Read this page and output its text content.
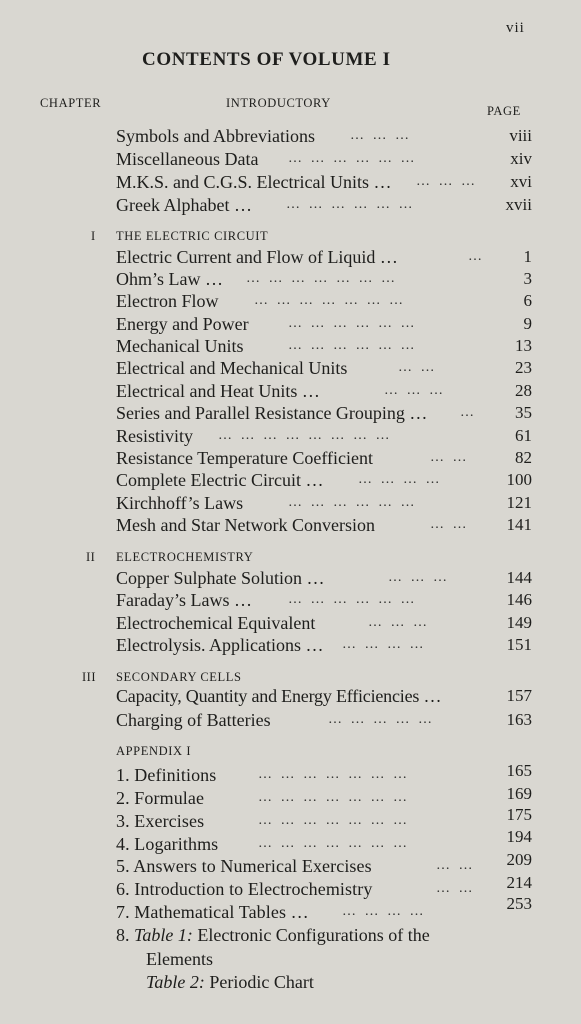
vii
CONTENTS OF VOLUME I
CHAPTER	INTRODUCTORY
PAGE
Symbols and Abbreviations	… … …	viii
Miscellaneous Data … … … … … …	xiv
M.K.S. and C.G.S. Electrical Units … … … … xvi
Greek Alphabet … … … … … … …	xvii
I THE ELECTRIC CIRCUIT
Electric Current and Flow of Liquid …	… 1
Ohm’s Law … … … … … … … …	3
Electron Flow	… … … … … … …	6
Energy and Power	… … … … … …	9
Mechanical Units	… … … … … …	13
Electrical and Mechanical Units	… …	23
Electrical and Heat Units …	… … …	28
Series and Parallel Resistance Grouping … … 35
Resistivity … … … … … … … …	61
Resistance Temperature Coefficient	… …	82
Complete Electric Circuit … … … … …	100
Kirchhoff’s Laws	… … … … … …	121
Mesh and Star Network Conversion	… … 141
II ELECTROCHEMISTRY
Copper Sulphate Solution …	… … …	144
Faraday’s Laws …	… … … … … …	146
Electrochemical Equivalent	… … …	149
Electrolysis. Applications … … … … …	151
III SECONDARY CELLS
Capacity, Quantity and Energy Efficiencies …	157
Charging of Batteries	… … … … …	163
APPENDIX I
1. Definitions	… … … … … … …	165
2. Formulae	… … … … … … …	169
3. Exercises	… … … … … … …	175
4. Logarithms	… … … … … … …	194
5. Answers to Numerical Exercises	… … 209
6. Introduction to Electrochemistry	… … 214
7. Mathematical Tables … … … … …	253
8. Table 1: Electronic Configurations of the
Elements
Table 2: Periodic Chart
